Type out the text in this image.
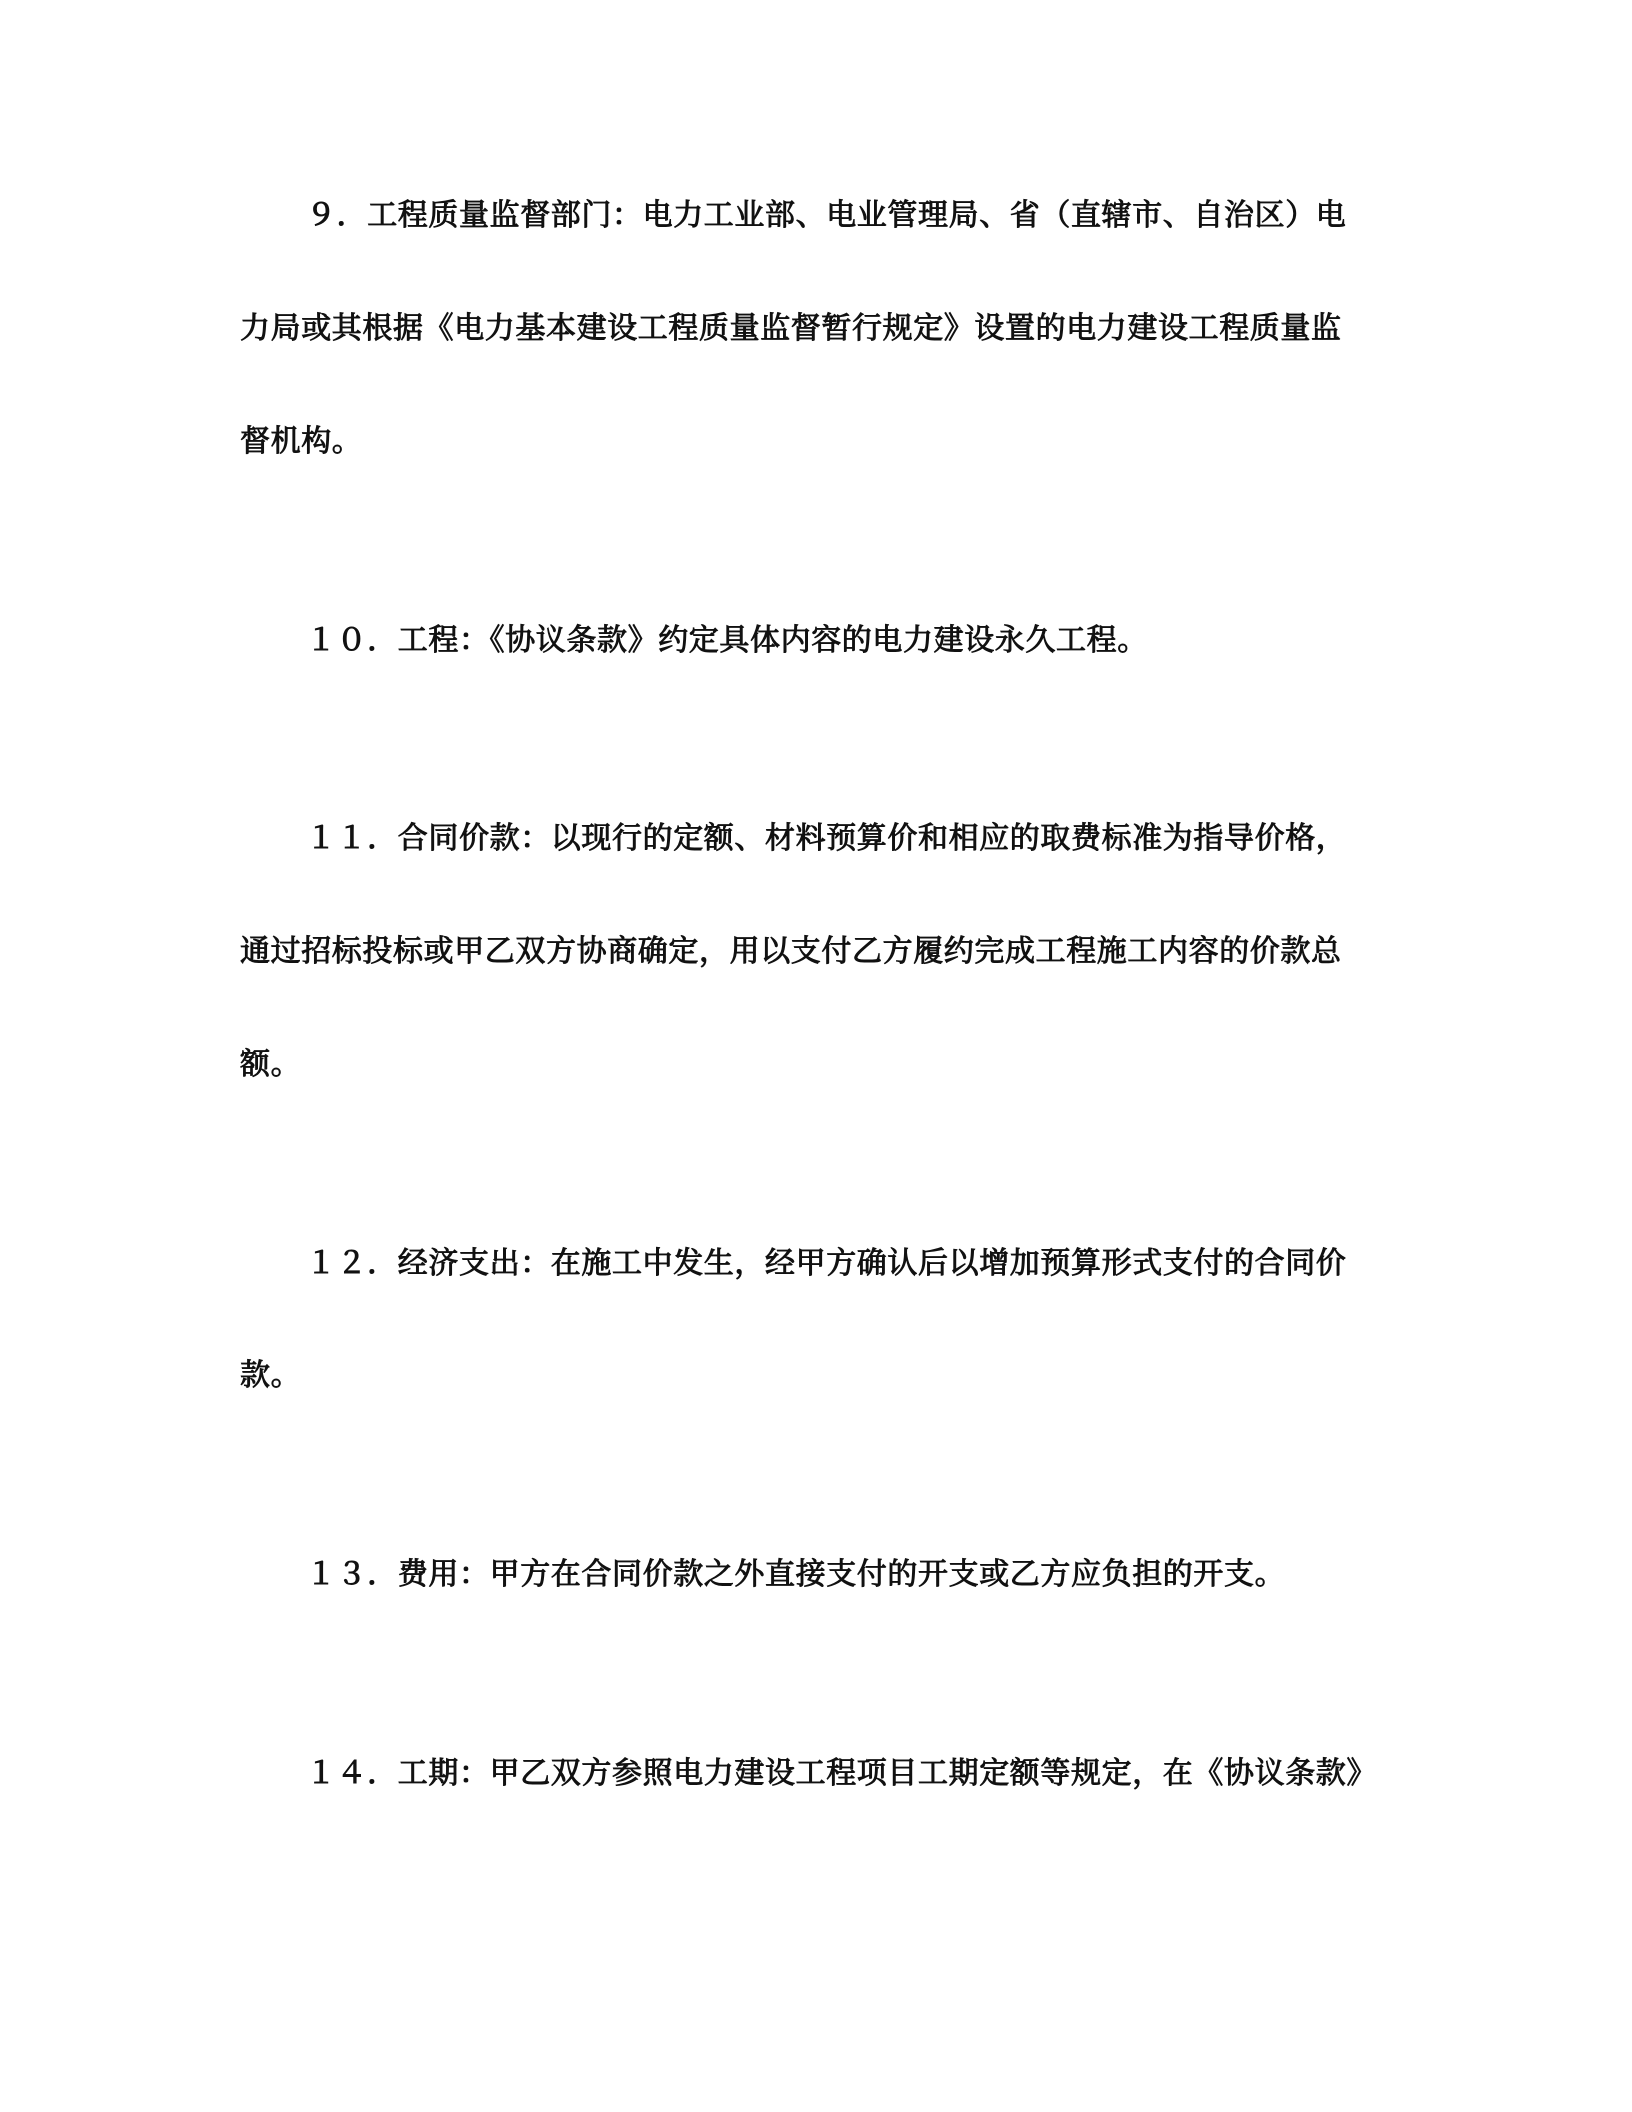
９．工程质量监督部门：电力工业部、电业管理局、省（直辖市、自治区）电
力局或其根据《电力基本建设工程质量监督暂行规定》设置的电力建设工程质量监
督机构。
１０．工程：《协议条款》约定具体内容的电力建设永久工程。
１１．合同价款：以现行的定额、材料预算价和相应的取费标准为指导价格，
通过招标投标或甲乙双方协商确定，用以支付乙方履约完成工程施工内容的价款总
额。
１２．经济支出：在施工中发生，经甲方确认后以增加预算形式支付的合同价
款。
１３．费用：甲方在合同价款之外直接支付的开支或乙方应负担的开支。
１４．工期：甲乙双方参照电力建设工程项目工期定额等规定，在《协议条款》
